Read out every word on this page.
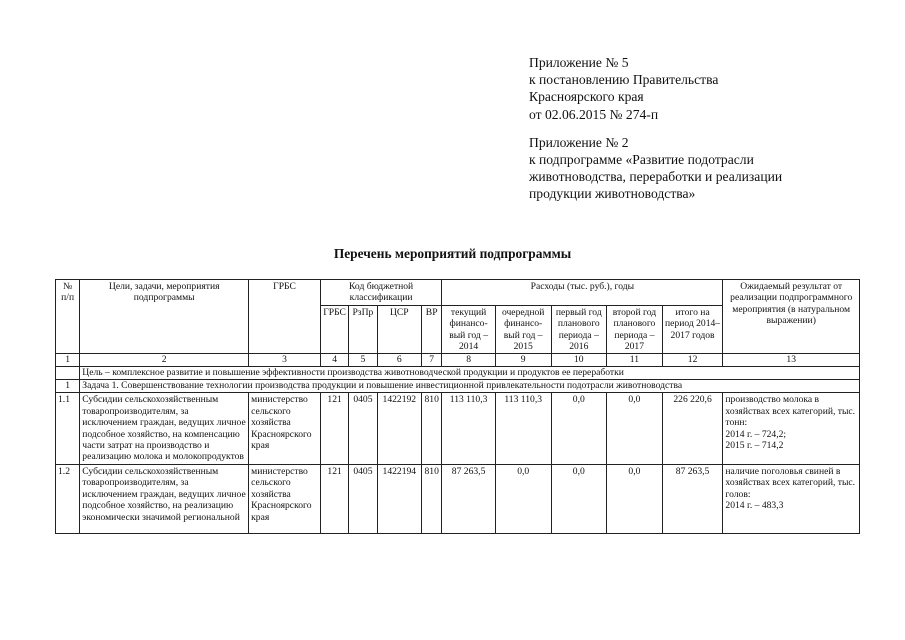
Приложение № 5
к постановлению Правительства
Красноярского края
от 02.06.2015 № 274-п
Приложение № 2
к подпрограмме «Развитие подотрасли
животноводства, переработки и реализации
продукции животноводства»
Перечень мероприятий подпрограммы
№ п/п	Цели, задачи, мероприятия подпрограммы	ГРБС	Код бюджетной классификации				Расходы (тыс. руб.), годы					Ожидаемый результат от реализации подпрограммного мероприятия (в натуральном выражении)
			ГРБС	РзПр	ЦСР	ВР	текущий финансо-вый год – 2014	очередной финансо-вый год – 2015	первый год планового периода – 2016	второй год планового периода – 2017	итого на период 2014–2017 годов	
1	2	3	4	5	6	7	8	9	10	11	12	13
	Цель – комплексное развитие и повышение эффективности производства животноводческой продукции и продуктов ее переработки											
1	Задача 1. Совершенствование технологии производства продукции и повышение инвестиционной привлекательности подотрасли животноводства											
1.1	Субсидии сельскохозяйственным товаропроизводителям, за исключением граждан, ведущих личное подсобное хозяйство, на компенсацию части затрат на производство и реализацию молока и молокопродуктов	министерство сельского хозяйства Красноярского края	121	0405	1422192	810	113 110,3	113 110,3	0,0	0,0	226 220,6	производство молока в хозяйствах всех категорий, тыс. тонн:
2014 г. – 724,2;
2015 г. – 714,2

1.2	Субсидии сельскохозяйственным товаропроизводителям, за исключением граждан, ведущих личное подсобное хозяйство, на реализацию экономически значимой региональной	министерство сельского хозяйства Красноярского края	121	0405	1422194	810	87 263,5	0,0	0,0	0,0	87 263,5	наличие поголовья свиней в хозяйствах всех категорий, тыс. голов:
2014 г. – 483,3
